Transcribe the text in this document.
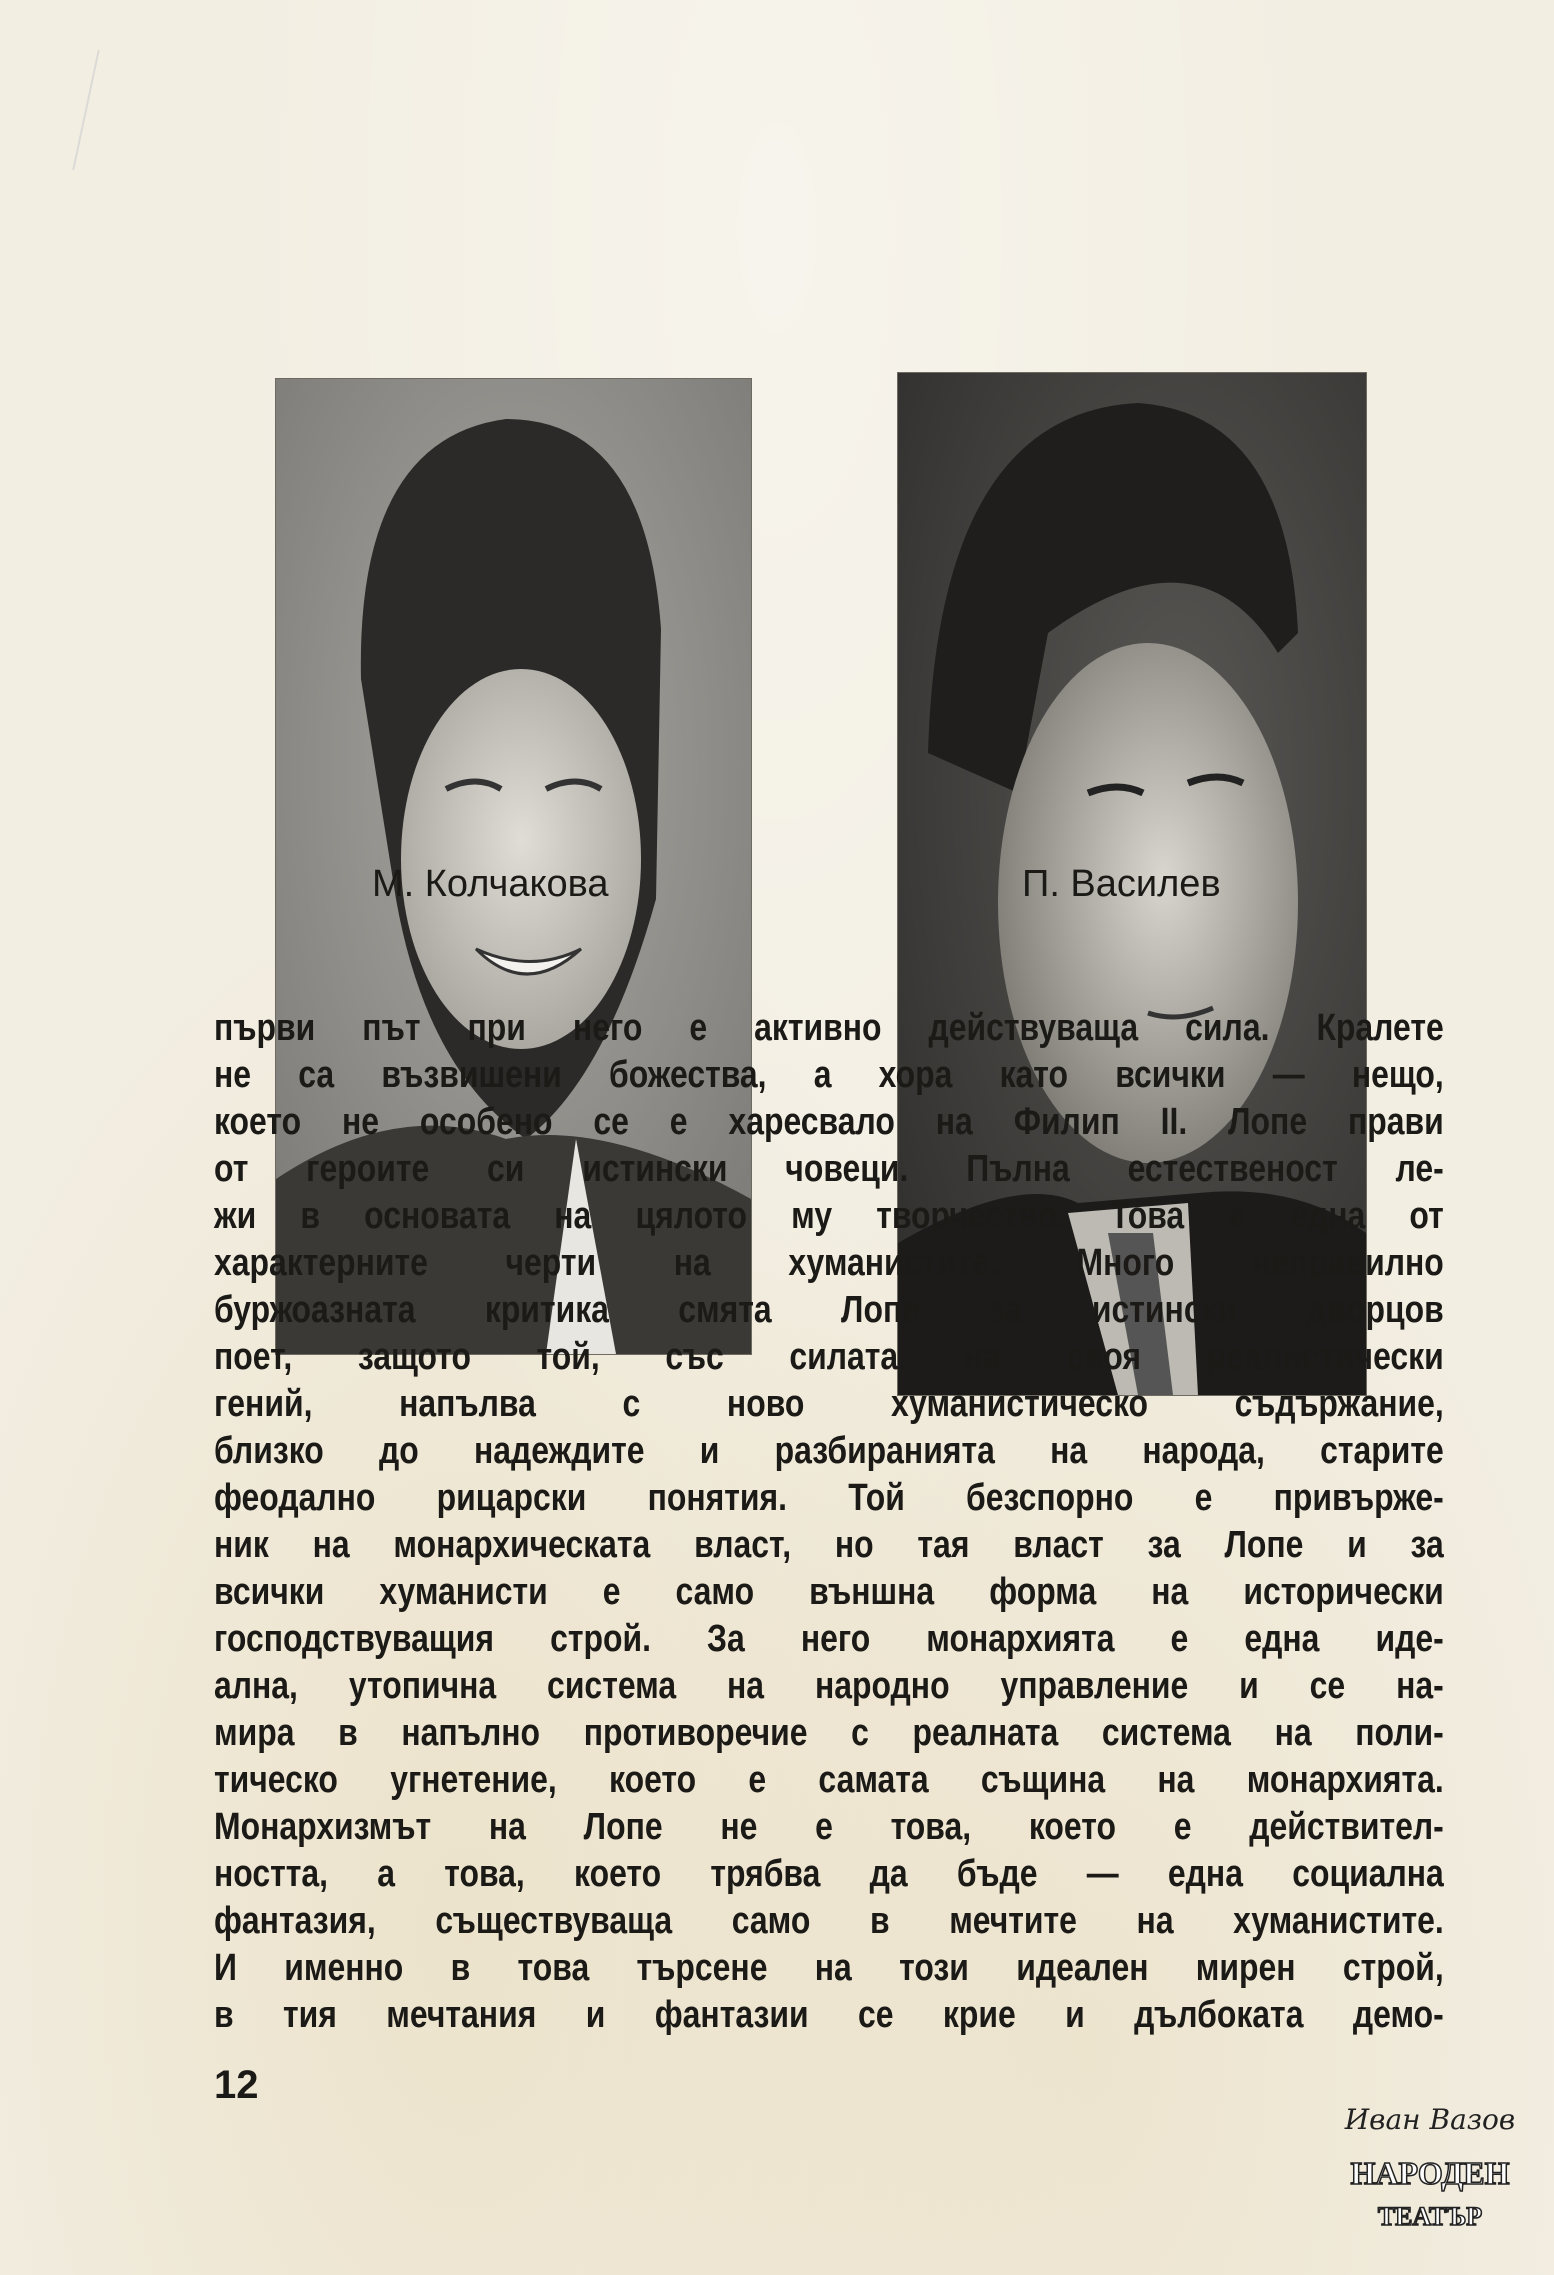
М. Колчакова	П. Василев
първи път при него е активно действуваща сила. Кралете
не са възвишени божества, а хора като всички — нещо,
което не особено се е харесвало на Филип II. Лопе прави
от героите си истински човеци. Пълна естественост ле-
жи в основата на цялото му творчество. Това е една от
характерните черти на хуманистите. Много неправилно
буржоазната критика смята Лопе за истински дворцов
поет, защото той, със силата на своя реалистически
гений, напълва с ново хуманистическо съдържание,
близко до надеждите и разбиранията на народа, старите
феодално рицарски понятия. Той безспорно е привърже-
ник на монархическата власт, но тая власт за Лопе и за
всички хуманисти е само външна форма на исторически
господствуващия строй. За него монархията е една иде-
ална, утопична система на народно управление и се на-
мира в напълно противоречие с реалната система на поли-
тическо угнетение, което е самата същина на монархията.
Монархизмът на Лопе не е това, което е действител-
ността, а това, което трябва да бъде — една социална
фантазия, съществуваща само в мечтите на хуманистите.
И именно в това търсене на този идеален мирен строй,
в тия мечтания и фантазии се крие и дълбоката демо-
12
Иван Вазов
НАРОДЕН
ТЕАТЪР
